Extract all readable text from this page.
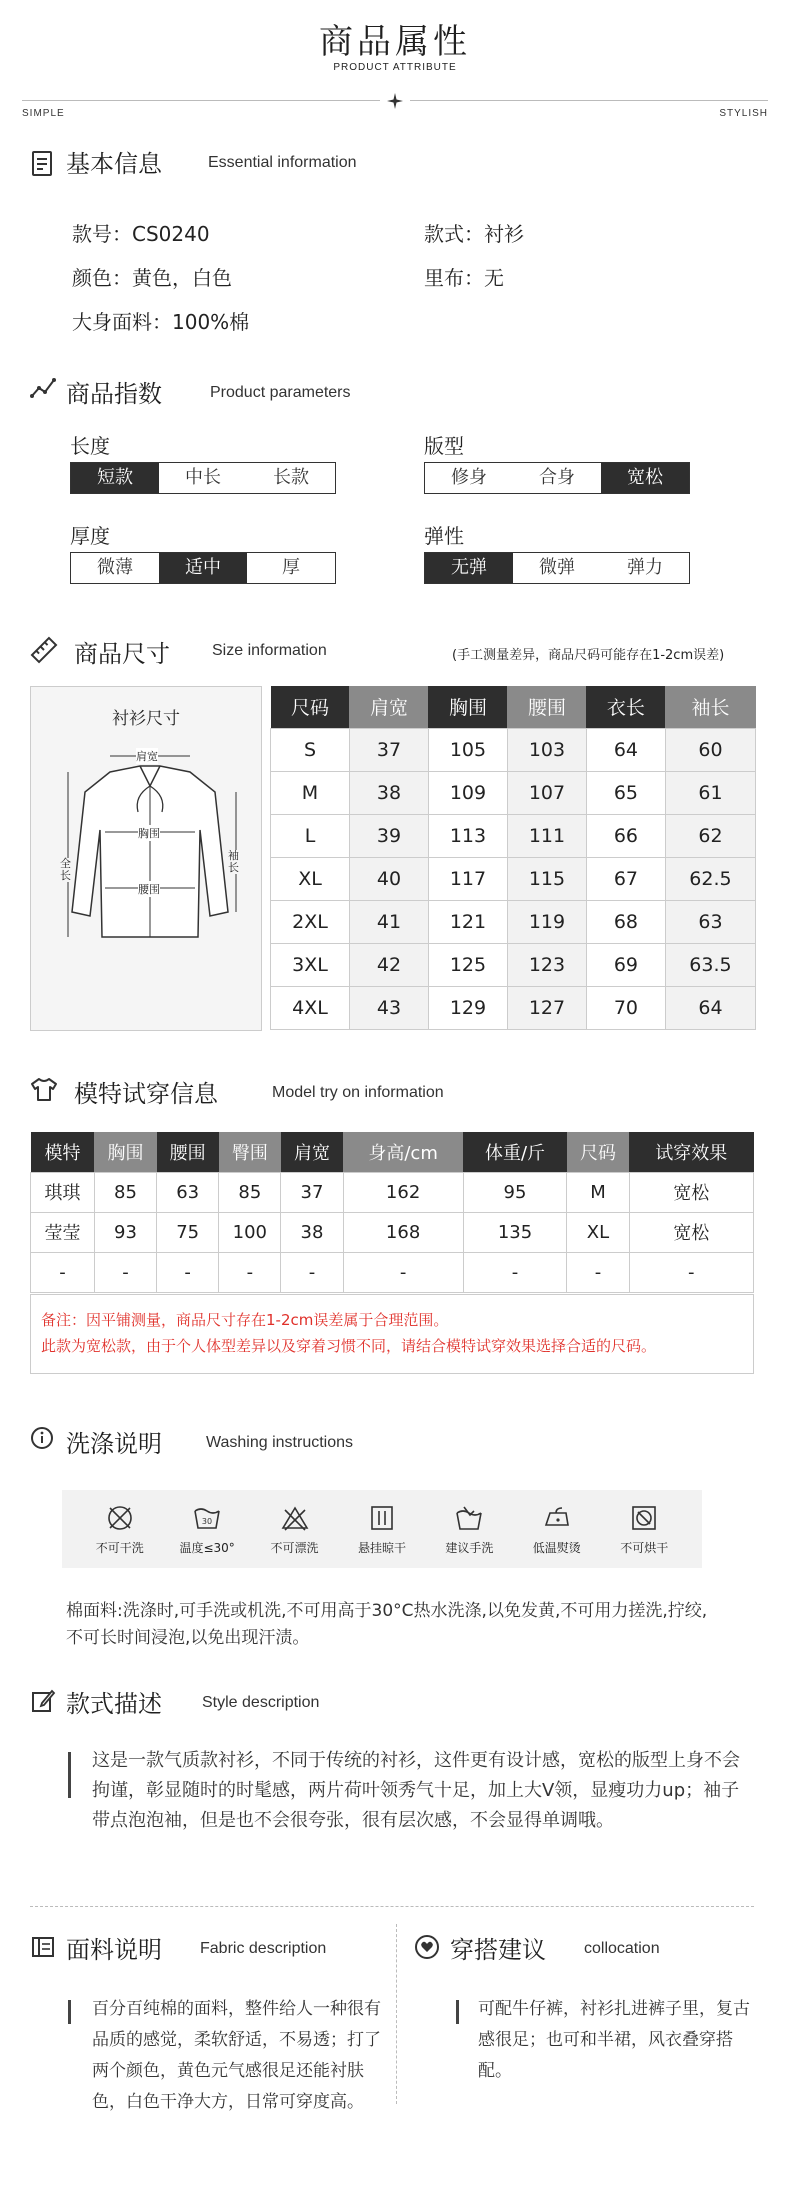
商品属性
PRODUCT ATTRIBUTE
SIMPLE	STYLISH
基本信息	Essential information
款号：CS0240	款式：衬衫
颜色：黄色，白色	里布：无
大身面料：100%棉
商品指数	Product parameters
长度
短款	中长	长款
版型
修身	合身	宽松
厚度
微薄	适中	厚
弹性
无弹	微弹	弹力
商品尺寸	Size information	(手工测量差异，商品尺码可能存在1-2cm误差)
衬衫尺寸
肩宽
胸围
腰围
全长
袖长
尺码	肩宽	胸围	腰围	衣长	袖长
S	37	105	103	64	60
M	38	109	107	65	61
L	39	113	111	66	62
XL	40	117	115	67	62.5
2XL	41	121	119	68	63
3XL	42	125	123	69	63.5
4XL	43	129	127	70	64
模特试穿信息	Model try on information
模特	胸围	腰围	臀围	肩宽	身高/cm	体重/斤	尺码	试穿效果
琪琪	85	63	85	37	162	95	M	宽松
莹莹	93	75	100	38	168	135	XL	宽松
-	-	-	-	-	-	-	-	-
备注：因平铺测量，商品尺寸存在1-2cm误差属于合理范围。
此款为宽松款，由于个人体型差异以及穿着习惯不同，请结合模特试穿效果选择合适的尺码。
洗涤说明	Washing instructions
不可干洗
30
温度≤30°	不可漂洗	悬挂晾干	建议手洗	低温熨烫	不可烘干
棉面料:洗涤时,可手洗或机洗,不可用高于30°C热水洗涤,以免发黄,不可用力搓洗,拧绞,不可长时间浸泡,以免出现汗渍。
款式描述	Style description
这是一款气质款衬衫，不同于传统的衬衫，这件更有设计感，宽松的版型上身不会拘谨，彰显随时的时髦感，两片荷叶领秀气十足，加上大V领，显瘦功力up；袖子带点泡泡袖，但是也不会很夸张，很有层次感，不会显得单调哦。
面料说明 Fabric description
百分百纯棉的面料，整件给人一种很有品质的感觉，柔软舒适，不易透；打了两个颜色，黄色元气感很足还能衬肤色，白色干净大方，日常可穿度高。
穿搭建议 collocation
可配牛仔裤，衬衫扎进裤子里，复古感很足；也可和半裙，风衣叠穿搭配。
